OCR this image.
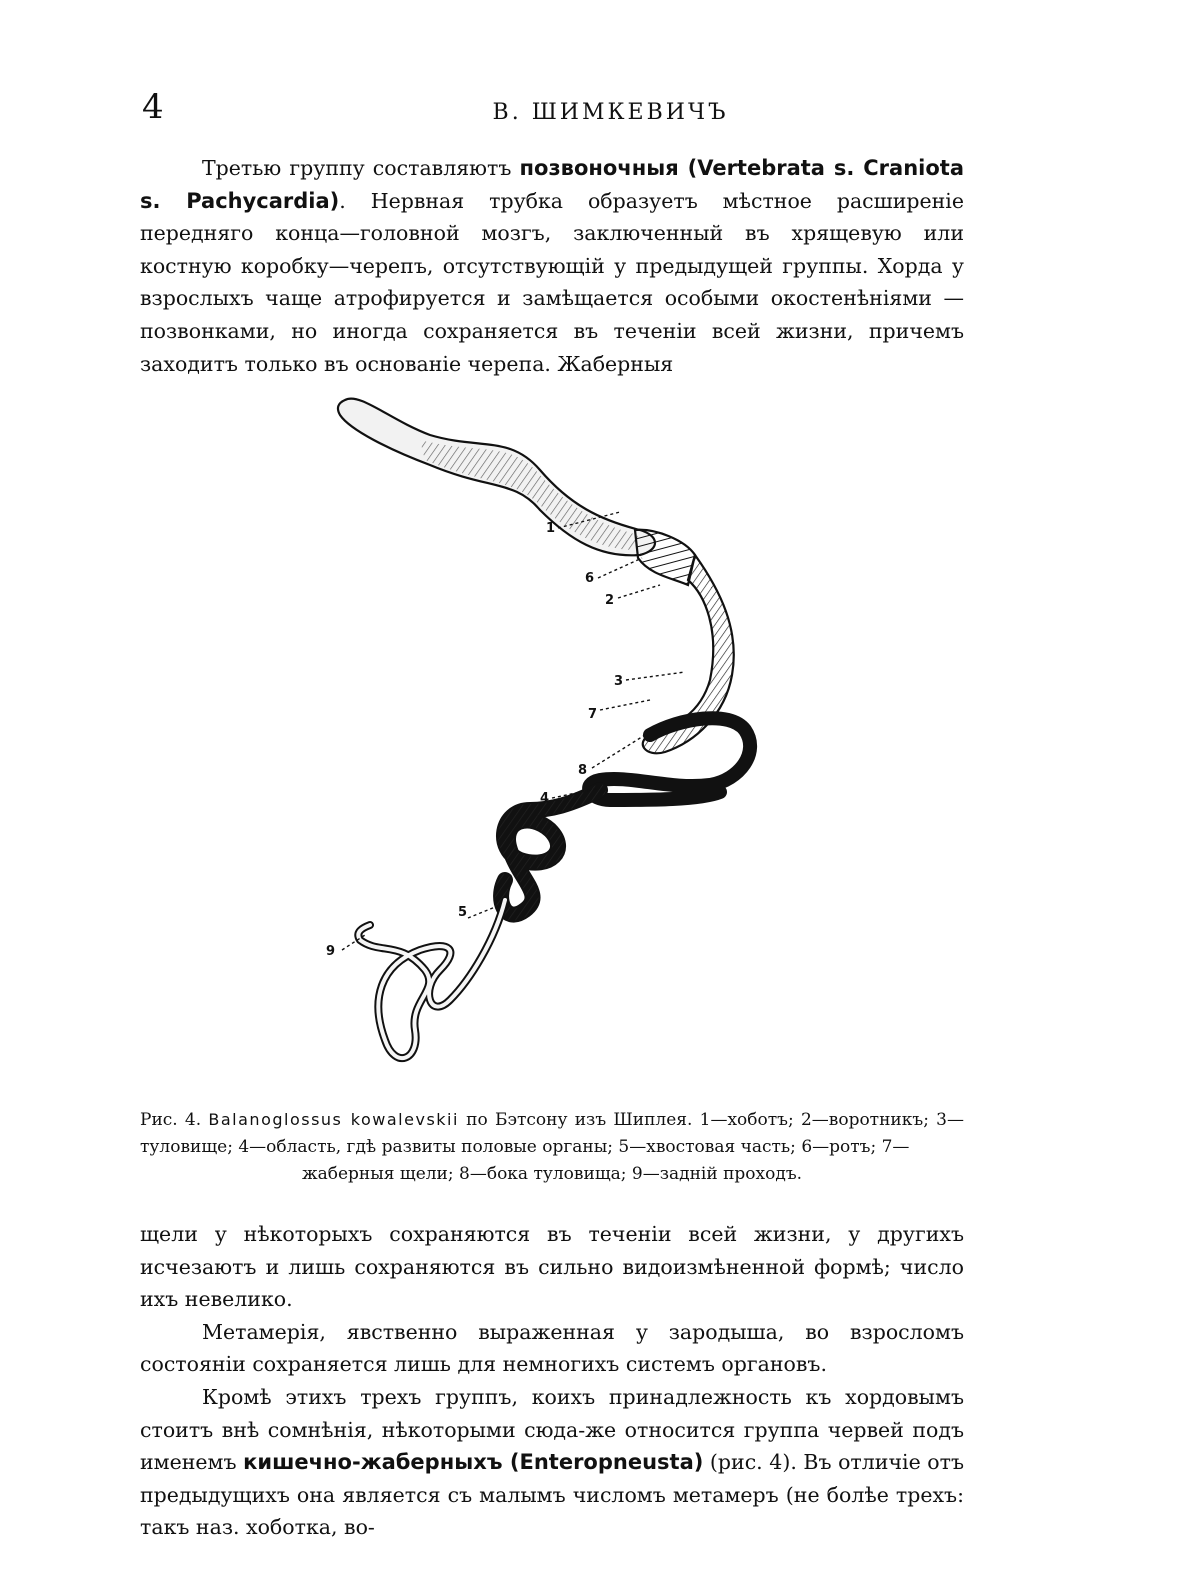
4	В. ШИМКЕВИЧЪ

Третью группу составляютъ позвоночныя (Vertebrata s. Craniota s. Pachycardia). Нервная трубка образуетъ мѣстное расширеніе передняго конца—головной мозгъ, заключенный въ хрящевую или костную коробку—черепъ, отсутствующій у предыдущей группы. Хорда у взрослыхъ чаще атрофируется и замѣщается особыми окостенѣніями — позвонками, но иногда сохраняется въ теченіи всей жизни, причемъ заходитъ только въ основаніе черепа. Жаберныя

1
6
2
3
7
8
4
5
9
Рис. 4. Balanoglossus kowalevskii по Бэтсону изъ Шиплея. 1—хоботъ; 2—воротникъ; 3—туловище; 4—область, гдѣ развиты половые органы; 5—хвостовая часть; 6—ротъ; 7—
жаберныя щели; 8—бока туловища; 9—задній проходъ.

щели у нѣкоторыхъ сохраняются въ теченіи всей жизни, у другихъ исчезаютъ и лишь сохраняются въ сильно видоизмѣненной формѣ; число ихъ невелико.

Метамерія, явственно выраженная у зародыша, во взросломъ состояніи сохраняется лишь для немногихъ системъ органовъ.

Кромѣ этихъ трехъ группъ, коихъ принадлежность къ хордовымъ стоитъ внѣ сомнѣнія, нѣкоторыми сюда-же относится группа червей подъ именемъ кишечно-жаберныхъ (Enteropneusta) (рис. 4). Въ отличіе отъ предыдущихъ она является съ малымъ числомъ метамеръ (не болѣе трехъ: такъ наз. хоботка, во-
